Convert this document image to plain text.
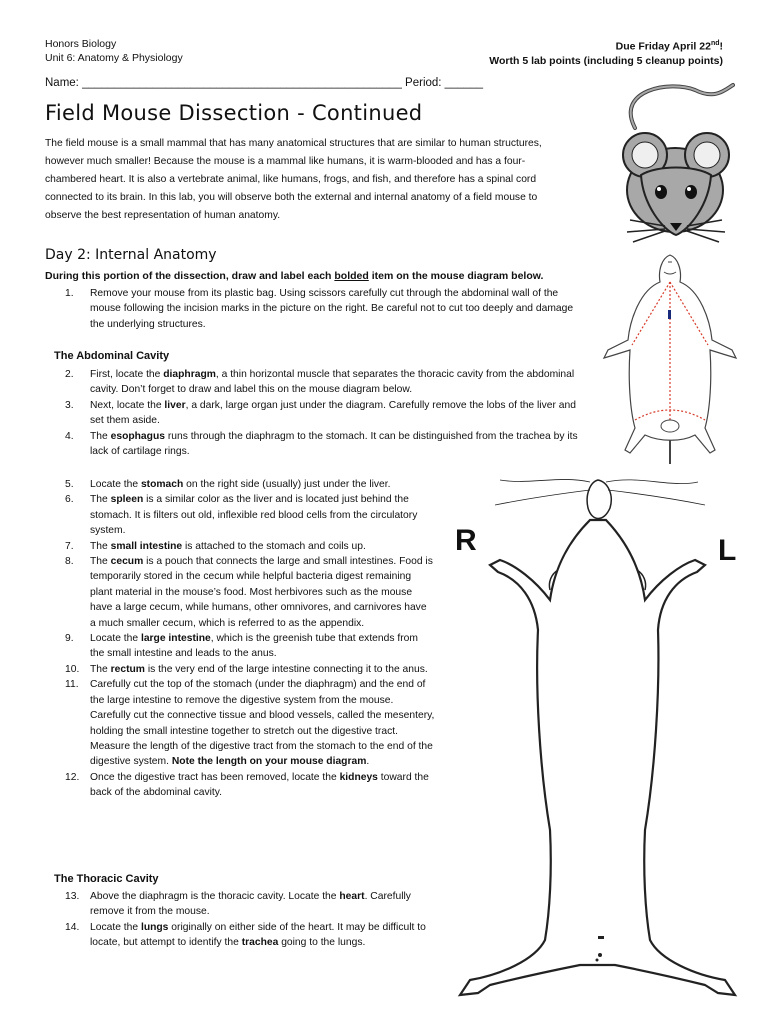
Honors Biology
Unit 6: Anatomy & Physiology
Due Friday April 22nd!
Worth 5 lab points (including 5 cleanup points)
Name: __________________________________________________ Period: ______
Field Mouse Dissection - Continued
The field mouse is a small mammal that has many anatomical structures that are similar to human structures, however much smaller! Because the mouse is a mammal like humans, it is warm-blooded and has a four-chambered heart. It is also a vertebrate animal, like humans, frogs, and fish, and therefore has a spinal cord connected to its brain. In this lab, you will observe both the external and internal anatomy of a field mouse to observe the best representation of human anatomy.
Day 2: Internal Anatomy
During this portion of the dissection, draw and label each bolded item on the mouse diagram below.
1. Remove your mouse from its plastic bag. Using scissors carefully cut through the abdominal wall of the mouse following the incision marks in the picture on the right. Be careful not to cut too deeply and damage the underlying structures.
The Abdominal Cavity
2. First, locate the diaphragm, a thin horizontal muscle that separates the thoracic cavity from the abdominal cavity. Don’t forget to draw and label this on the mouse diagram below.
3. Next, locate the liver, a dark, large organ just under the diagram. Carefully remove the lobs of the liver and set them aside.
4. The esophagus runs through the diaphragm to the stomach. It can be distinguished from the trachea by its lack of cartilage rings.
5. Locate the stomach on the right side (usually) just under the liver.
6. The spleen is a similar color as the liver and is located just behind the stomach. It is filters out old, inflexible red blood cells from the circulatory system.
7. The small intestine is attached to the stomach and coils up.
8. The cecum is a pouch that connects the large and small intestines. Food is temporarily stored in the cecum while helpful bacteria digest remaining plant material in the mouse’s food. Most herbivores such as the mouse have a large cecum, while humans, other omnivores, and carnivores have a much smaller cecum, which is referred to as the appendix.
9. Locate the large intestine, which is the greenish tube that extends from the small intestine and leads to the anus.
10. The rectum is the very end of the large intestine connecting it to the anus.
11. Carefully cut the top of the stomach (under the diaphragm) and the end of the large intestine to remove the digestive system from the mouse. Carefully cut the connective tissue and blood vessels, called the mesentery, holding the small intestine together to stretch out the digestive tract. Measure the length of the digestive tract from the stomach to the end of the digestive system. Note the length on your mouse diagram.
12. Once the digestive tract has been removed, locate the kidneys toward the back of the abdominal cavity.
The Thoracic Cavity
13. Above the diaphragm is the thoracic cavity. Locate the heart. Carefully remove it from the mouse.
14. Locate the lungs originally on either side of the heart. It may be difficult to locate, but attempt to identify the trachea going to the lungs.
R	L
